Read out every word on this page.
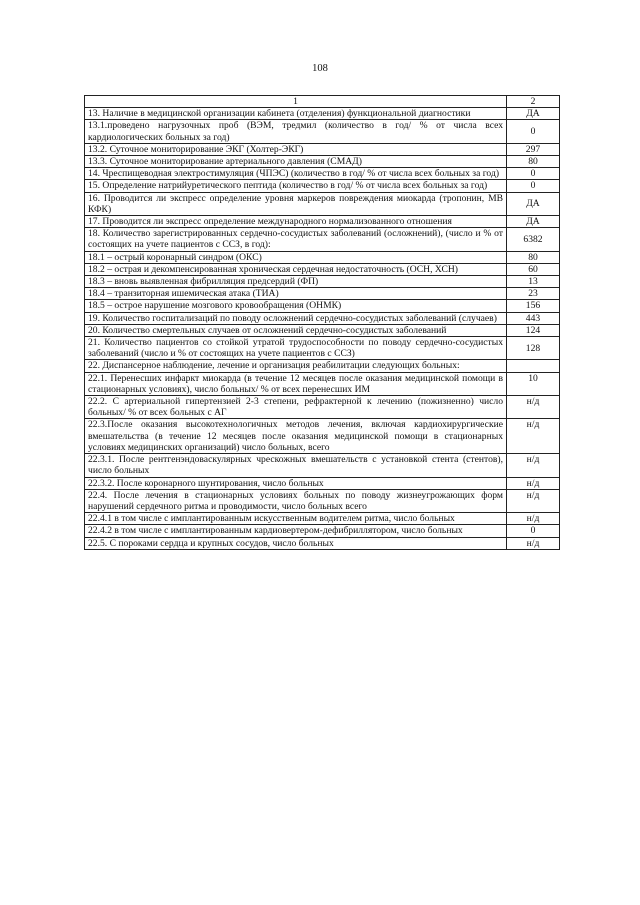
108
1	2
13. Наличие в медицинской организации кабинета (отделения) функциональной диагностики	ДА
13.1.проведено нагрузочных проб (ВЭМ, тредмил (количество в год/ % от числа всех кардиологических больных за год)	0
13.2. Суточное мониторирование ЭКГ (Холтер-ЭКГ)	297
13.3. Суточное мониторирование артериального давления (СМАД)	80
14. Чреспищеводная электростимуляция (ЧПЭС) (количество в год/ % от числа всех больных за год)	0
15. Определение натрийуретического пептида (количество в год/ % от числа всех больных за год)	0
16. Проводится ли экспресс определение уровня маркеров повреждения миокарда (тропонин, МВ КФК)	ДА
17. Проводится ли экспресс определение международного нормализованного отношения	ДА
18. Количество зарегистрированных сердечно-сосудистых заболеваний (осложнений), (число и % от состоящих на учете пациентов с ССЗ, в год):	6382
18.1 – острый коронарный синдром (ОКС)	80
18.2 – острая и декомпенсированная хроническая сердечная недостаточность (ОСН, ХСН)	60
18.3 – вновь выявленная фибрилляция предсердий (ФП)	13
18.4 – транзиторная ишемическая атака (ТИА)	23
18.5 – острое нарушение мозгового кровообращения (ОНМК)	156
19. Количество госпитализаций по поводу осложнений сердечно-сосудистых заболеваний (случаев)	443
20. Количество смертельных случаев от осложнений сердечно-сосудистых заболеваний	124
21. Количество пациентов со стойкой утратой трудоспособности по поводу сердечно-сосудистых заболеваний (число и % от состоящих на учете пациентов с ССЗ)	128
22. Диспансерное наблюдение, лечение и организация реабилитации следующих больных:	
22.1. Перенесших инфаркт миокарда (в течение 12 месяцев после оказания медицинской помощи в стационарных условиях), число больных/ % от всех перенесших ИМ	10
22.2. С артериальной гипертензией 2-3 степени, рефрактерной к лечению (пожизненно) число больных/ % от всех больных с АГ	н/д
22.3.После оказания высокотехнологичных методов лечения, включая кардиохирургические вмешательства (в течение 12 месяцев после оказания медицинской помощи в стационарных условиях медицинских организаций) число больных, всего	н/д
22.3.1. После рентгенэндоваскулярных чрескожных вмешательств с установкой стента (стентов), число больных	н/д
22.3.2. После коронарного шунтирования, число больных	н/д
22.4. После лечения в стационарных условиях больных по поводу жизнеугрожающих форм нарушений сердечного ритма и проводимости, число больных всего	н/д
22.4.1 в том числе с имплантированным искусственным водителем ритма, число больных	н/д
22.4.2 в том числе с имплантированным кардиовертером-дефибриллятором, число больных	0
22.5. С пороками сердца и крупных сосудов, число больных	н/д
